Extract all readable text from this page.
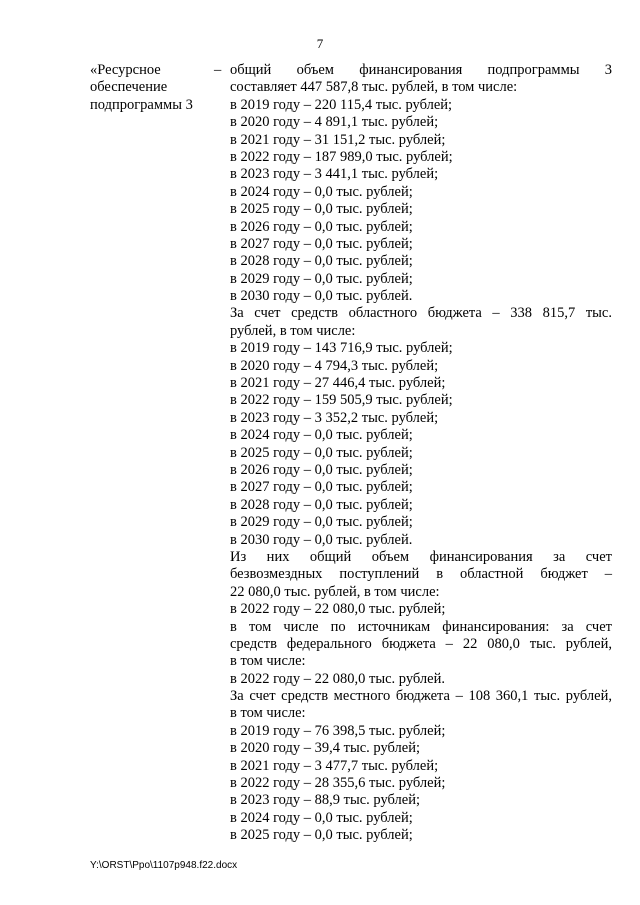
7
«Ресурсное
обеспечение
подпрограммы 3
– общий объем финансирования подпрограммы 3
составляет 447 587,8 тыс. рублей, в том числе:
в 2019 году – 220 115,4 тыс. рублей;
в 2020 году – 4 891,1 тыс. рублей;
в 2021 году – 31 151,2 тыс. рублей;
в 2022 году – 187 989,0 тыс. рублей;
в 2023 году – 3 441,1 тыс. рублей;
в 2024 году – 0,0 тыс. рублей;
в 2025 году – 0,0 тыс. рублей;
в 2026 году – 0,0 тыс. рублей;
в 2027 году – 0,0 тыс. рублей;
в 2028 году – 0,0 тыс. рублей;
в 2029 году – 0,0 тыс. рублей;
в 2030 году – 0,0 тыс. рублей.
За счет средств областного бюджета – 338 815,7 тыс.
рублей, в том числе:
в 2019 году – 143 716,9 тыс. рублей;
в 2020 году – 4 794,3 тыс. рублей;
в 2021 году – 27 446,4 тыс. рублей;
в 2022 году – 159 505,9 тыс. рублей;
в 2023 году – 3 352,2 тыс. рублей;
в 2024 году – 0,0 тыс. рублей;
в 2025 году – 0,0 тыс. рублей;
в 2026 году – 0,0 тыс. рублей;
в 2027 году – 0,0 тыс. рублей;
в 2028 году – 0,0 тыс. рублей;
в 2029 году – 0,0 тыс. рублей;
в 2030 году – 0,0 тыс. рублей.
Из них общий объем финансирования за счет
безвозмездных поступлений в областной бюджет –
22 080,0 тыс. рублей, в том числе:
в 2022 году – 22 080,0 тыс. рублей;
в том числе по источникам финансирования: за счет
средств федерального бюджета – 22 080,0 тыс. рублей,
в том числе:
в 2022 году – 22 080,0 тыс. рублей.
За счет средств местного бюджета – 108 360,1 тыс. рублей,
в том числе:
в 2019 году – 76 398,5 тыс. рублей;
в 2020 году – 39,4 тыс. рублей;
в 2021 году – 3 477,7 тыс. рублей;
в 2022 году – 28 355,6 тыс. рублей;
в 2023 году – 88,9 тыс. рублей;
в 2024 году – 0,0 тыс. рублей;
в 2025 году – 0,0 тыс. рублей;
Y:\ORST\Ppo\1107p948.f22.docx
